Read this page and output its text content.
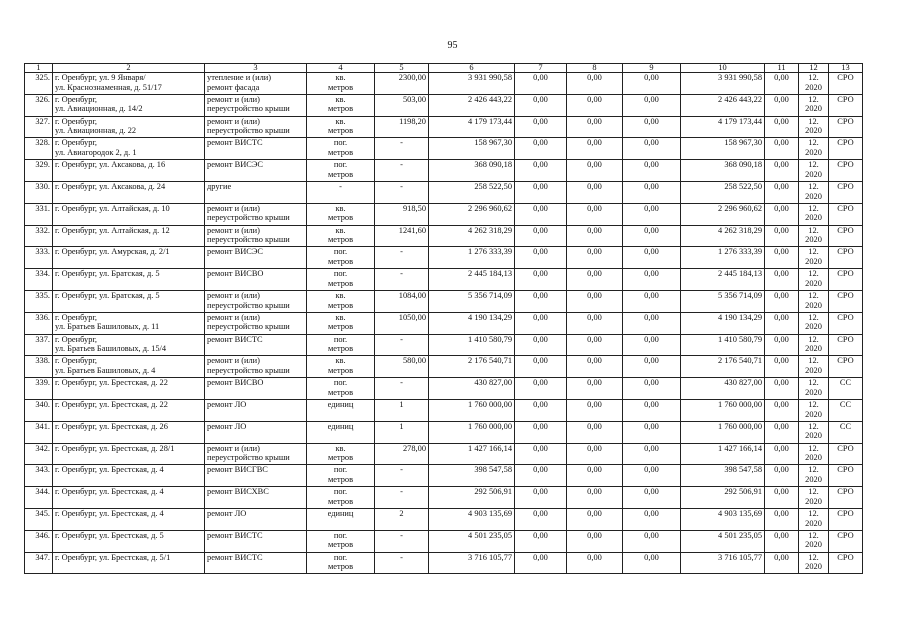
95
1	2	3	4	5	6	7	8	9	10	11	12	13

325.	г. Оренбург, ул. 9 Января/
ул. Краснознаменная, д. 51/17	утепление и (или)
ремонт фасада	кв.
метров	2300,00	3 931 990,58	0,00	0,00	0,00	3 931 990,58	0,00	12.
2020	СРО

326.	г. Оренбург,
ул. Авиационная, д. 14/2	ремонт и (или)
переустройство крыши	кв.
метров	503,00	2 426 443,22	0,00	0,00	0,00	2 426 443,22	0,00	12.
2020	СРО

327.	г. Оренбург,
ул. Авиационная, д. 22	ремонт и (или)
переустройство крыши	кв.
метров	1198,20	4 179 173,44	0,00	0,00	0,00	4 179 173,44	0,00	12.
2020	СРО

328.	г. Оренбург,
ул. Авиагородок 2, д. 1	ремонт ВИСТС	пог.
метров	-	158 967,30	0,00	0,00	0,00	158 967,30	0,00	12.
2020	СРО

329.	г. Оренбург, ул. Аксакова, д. 16	ремонт ВИСЭС	пог.
метров	-	368 090,18	0,00	0,00	0,00	368 090,18	0,00	12.
2020	СРО

330.	г. Оренбург, ул. Аксакова, д. 24	другие	-	-	258 522,50	0,00	0,00	0,00	258 522,50	0,00	12.
2020	СРО

331.	г. Оренбург, ул. Алтайская, д. 10	ремонт и (или)
переустройство крыши	кв.
метров	918,50	2 296 960,62	0,00	0,00	0,00	2 296 960,62	0,00	12.
2020	СРО

332.	г. Оренбург, ул. Алтайская, д. 12	ремонт и (или)
переустройство крыши	кв.
метров	1241,60	4 262 318,29	0,00	0,00	0,00	4 262 318,29	0,00	12.
2020	СРО

333.	г. Оренбург, ул. Амурская, д. 2/1	ремонт ВИСЭС	пог.
метров	-	1 276 333,39	0,00	0,00	0,00	1 276 333,39	0,00	12.
2020	СРО

334.	г. Оренбург, ул. Братская, д. 5	ремонт ВИСВО	пог.
метров	-	2 445 184,13	0,00	0,00	0,00	2 445 184,13	0,00	12.
2020	СРО

335.	г. Оренбург, ул. Братская, д. 5	ремонт и (или)
переустройство крыши	кв.
метров	1084,00	5 356 714,09	0,00	0,00	0,00	5 356 714,09	0,00	12.
2020	СРО

336.	г. Оренбург,
ул. Братьев Башиловых, д. 11	ремонт и (или)
переустройство крыши	кв.
метров	1050,00	4 190 134,29	0,00	0,00	0,00	4 190 134,29	0,00	12.
2020	СРО

337.	г. Оренбург,
ул. Братьев Башиловых, д. 15/4	ремонт ВИСТС	пог.
метров	-	1 410 580,79	0,00	0,00	0,00	1 410 580,79	0,00	12.
2020	СРО

338.	г. Оренбург,
ул. Братьев Башиловых, д. 4	ремонт и (или)
переустройство крыши	кв.
метров	580,00	2 176 540,71	0,00	0,00	0,00	2 176 540,71	0,00	12.
2020	СРО

339.	г. Оренбург, ул. Брестская, д. 22	ремонт ВИСВО	пог.
метров	-	430 827,00	0,00	0,00	0,00	430 827,00	0,00	12.
2020	СС

340.	г. Оренбург, ул. Брестская, д. 22	ремонт ЛО	единиц	1	1 760 000,00	0,00	0,00	0,00	1 760 000,00	0,00	12.
2020	СС

341.	г. Оренбург, ул. Брестская, д. 26	ремонт ЛО	единиц	1	1 760 000,00	0,00	0,00	0,00	1 760 000,00	0,00	12.
2020	СС

342.	г. Оренбург, ул. Брестская, д. 28/1	ремонт и (или)
переустройство крыши	кв.
метров	278,00	1 427 166,14	0,00	0,00	0,00	1 427 166,14	0,00	12.
2020	СРО

343.	г. Оренбург, ул. Брестская, д. 4	ремонт ВИСГВС	пог.
метров	-	398 547,58	0,00	0,00	0,00	398 547,58	0,00	12.
2020	СРО

344.	г. Оренбург, ул. Брестская, д. 4	ремонт ВИСХВС	пог.
метров	-	292 506,91	0,00	0,00	0,00	292 506,91	0,00	12.
2020	СРО

345.	г. Оренбург, ул. Брестская, д. 4	ремонт ЛО	единиц	2	4 903 135,69	0,00	0,00	0,00	4 903 135,69	0,00	12.
2020	СРО

346.	г. Оренбург, ул. Брестская, д. 5	ремонт ВИСТС	пог.
метров	-	4 501 235,05	0,00	0,00	0,00	4 501 235,05	0,00	12.
2020	СРО

347.	г. Оренбург, ул. Брестская, д. 5/1	ремонт ВИСТС	пог.
метров	-	3 716 105,77	0,00	0,00	0,00	3 716 105,77	0,00	12.
2020	СРО
